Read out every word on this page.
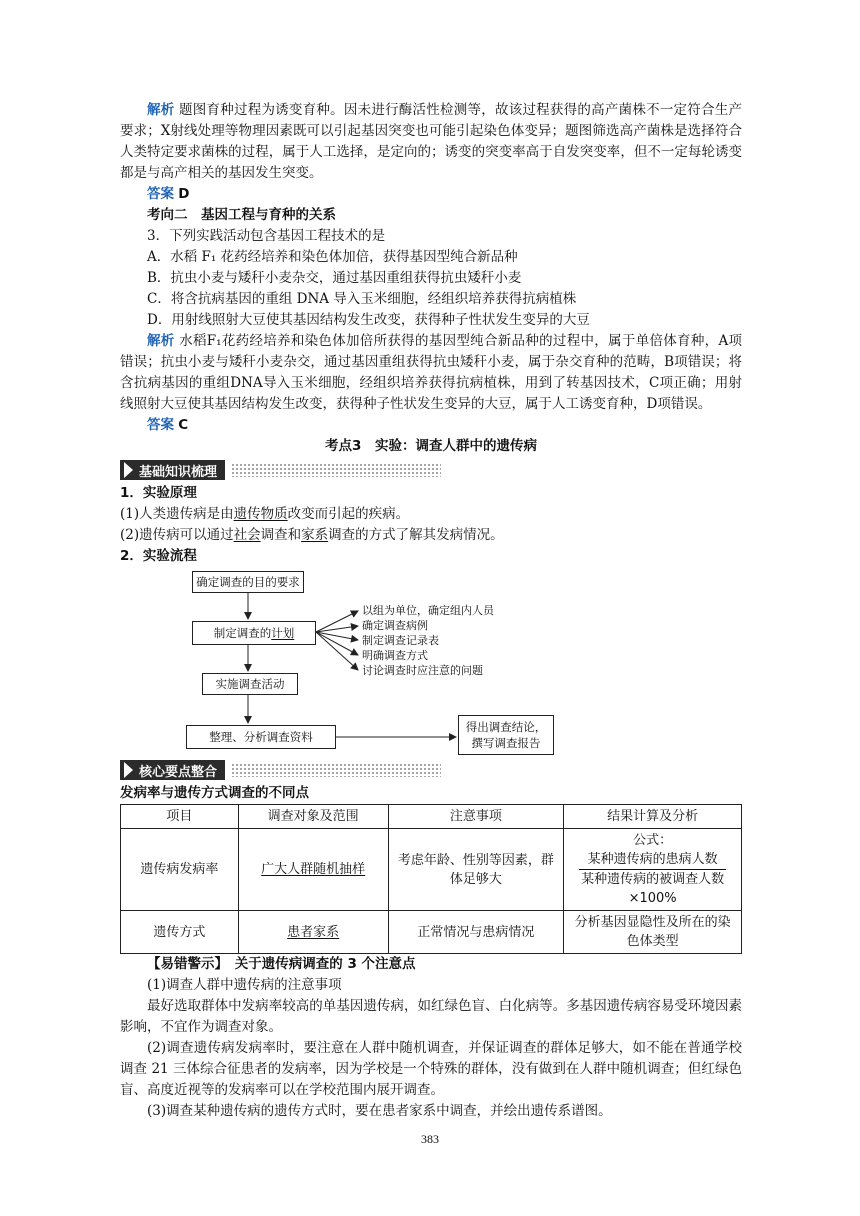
解析 题图育种过程为诱变育种。因未进行酶活性检测等，故该过程获得的高产菌株不一定符合生产要求；X射线处理等物理因素既可以引起基因突变也可能引起染色体变异；题图筛选高产菌株是选择符合人类特定要求菌株的过程，属于人工选择，是定向的；诱变的突变率高于自发突变率，但不一定每轮诱变都是与高产相关的基因发生突变。

答案 D

考向二　基因工程与育种的关系

3．下列实践活动包含基因工程技术的是

A．水稻 F₁ 花药经培养和染色体加倍，获得基因型纯合新品种

B．抗虫小麦与矮秆小麦杂交，通过基因重组获得抗虫矮秆小麦

C．将含抗病基因的重组 DNA 导入玉米细胞，经组织培养获得抗病植株

D．用射线照射大豆使其基因结构发生改变，获得种子性状发生变异的大豆

解析 水稻F₁花药经培养和染色体加倍所获得的基因型纯合新品种的过程中，属于单倍体育种，A项错误；抗虫小麦与矮秆小麦杂交，通过基因重组获得抗虫矮秆小麦，属于杂交育种的范畴，B项错误；将含抗病基因的重组DNA导入玉米细胞，经组织培养获得抗病植株，用到了转基因技术，C项正确；用射线照射大豆使其基因结构发生改变，获得种子性状发生变异的大豆，属于人工诱变育种，D项错误。

答案 C

考点3　实验：调查人群中的遗传病

基础知识梳理

1．实验原理

(1)人类遗传病是由遗传物质改变而引起的疾病。

(2)遗传病可以通过社会调查和家系调查的方式了解其发病情况。

2．实验流程

确定调查的目的要求
制定调查的 计划
实施调查活动
整理、分析调查资料
得出调查结论，
撰写调查报告
以组为单位，确定组内人员
确定调查病例
制定调查记录表
明确调查方式
讨论调查时应注意的问题
核心要点整合

发病率与遗传方式调查的不同点

项目	调查对象及范围	注意事项	结果计算及分析
遗传病发病率	广大人群随机抽样	考虑年龄、性别等因素，群体足够大	公式：
$\frac{\text{某种遗传病的患病人数}}{\text{某种遗传病的被调查人数}}$
×100%

遗传方式	患者家系	正常情况与患病情况	分析基因显隐性及所在的染色体类型

【易错警示】　关于遗传病调查的 3 个注意点

(1)调查人群中遗传病的注意事项

最好选取群体中发病率较高的单基因遗传病，如红绿色盲、白化病等。多基因遗传病容易受环境因素影响，不宜作为调查对象。

(2)调查遗传病发病率时，要注意在人群中随机调查，并保证调查的群体足够大，如不能在普通学校调查 21 三体综合征患者的发病率，因为学校是一个特殊的群体，没有做到在人群中随机调查；但红绿色盲、高度近视等的发病率可以在学校范围内展开调查。

(3)调查某种遗传病的遗传方式时，要在患者家系中调查，并绘出遗传系谱图。

383
